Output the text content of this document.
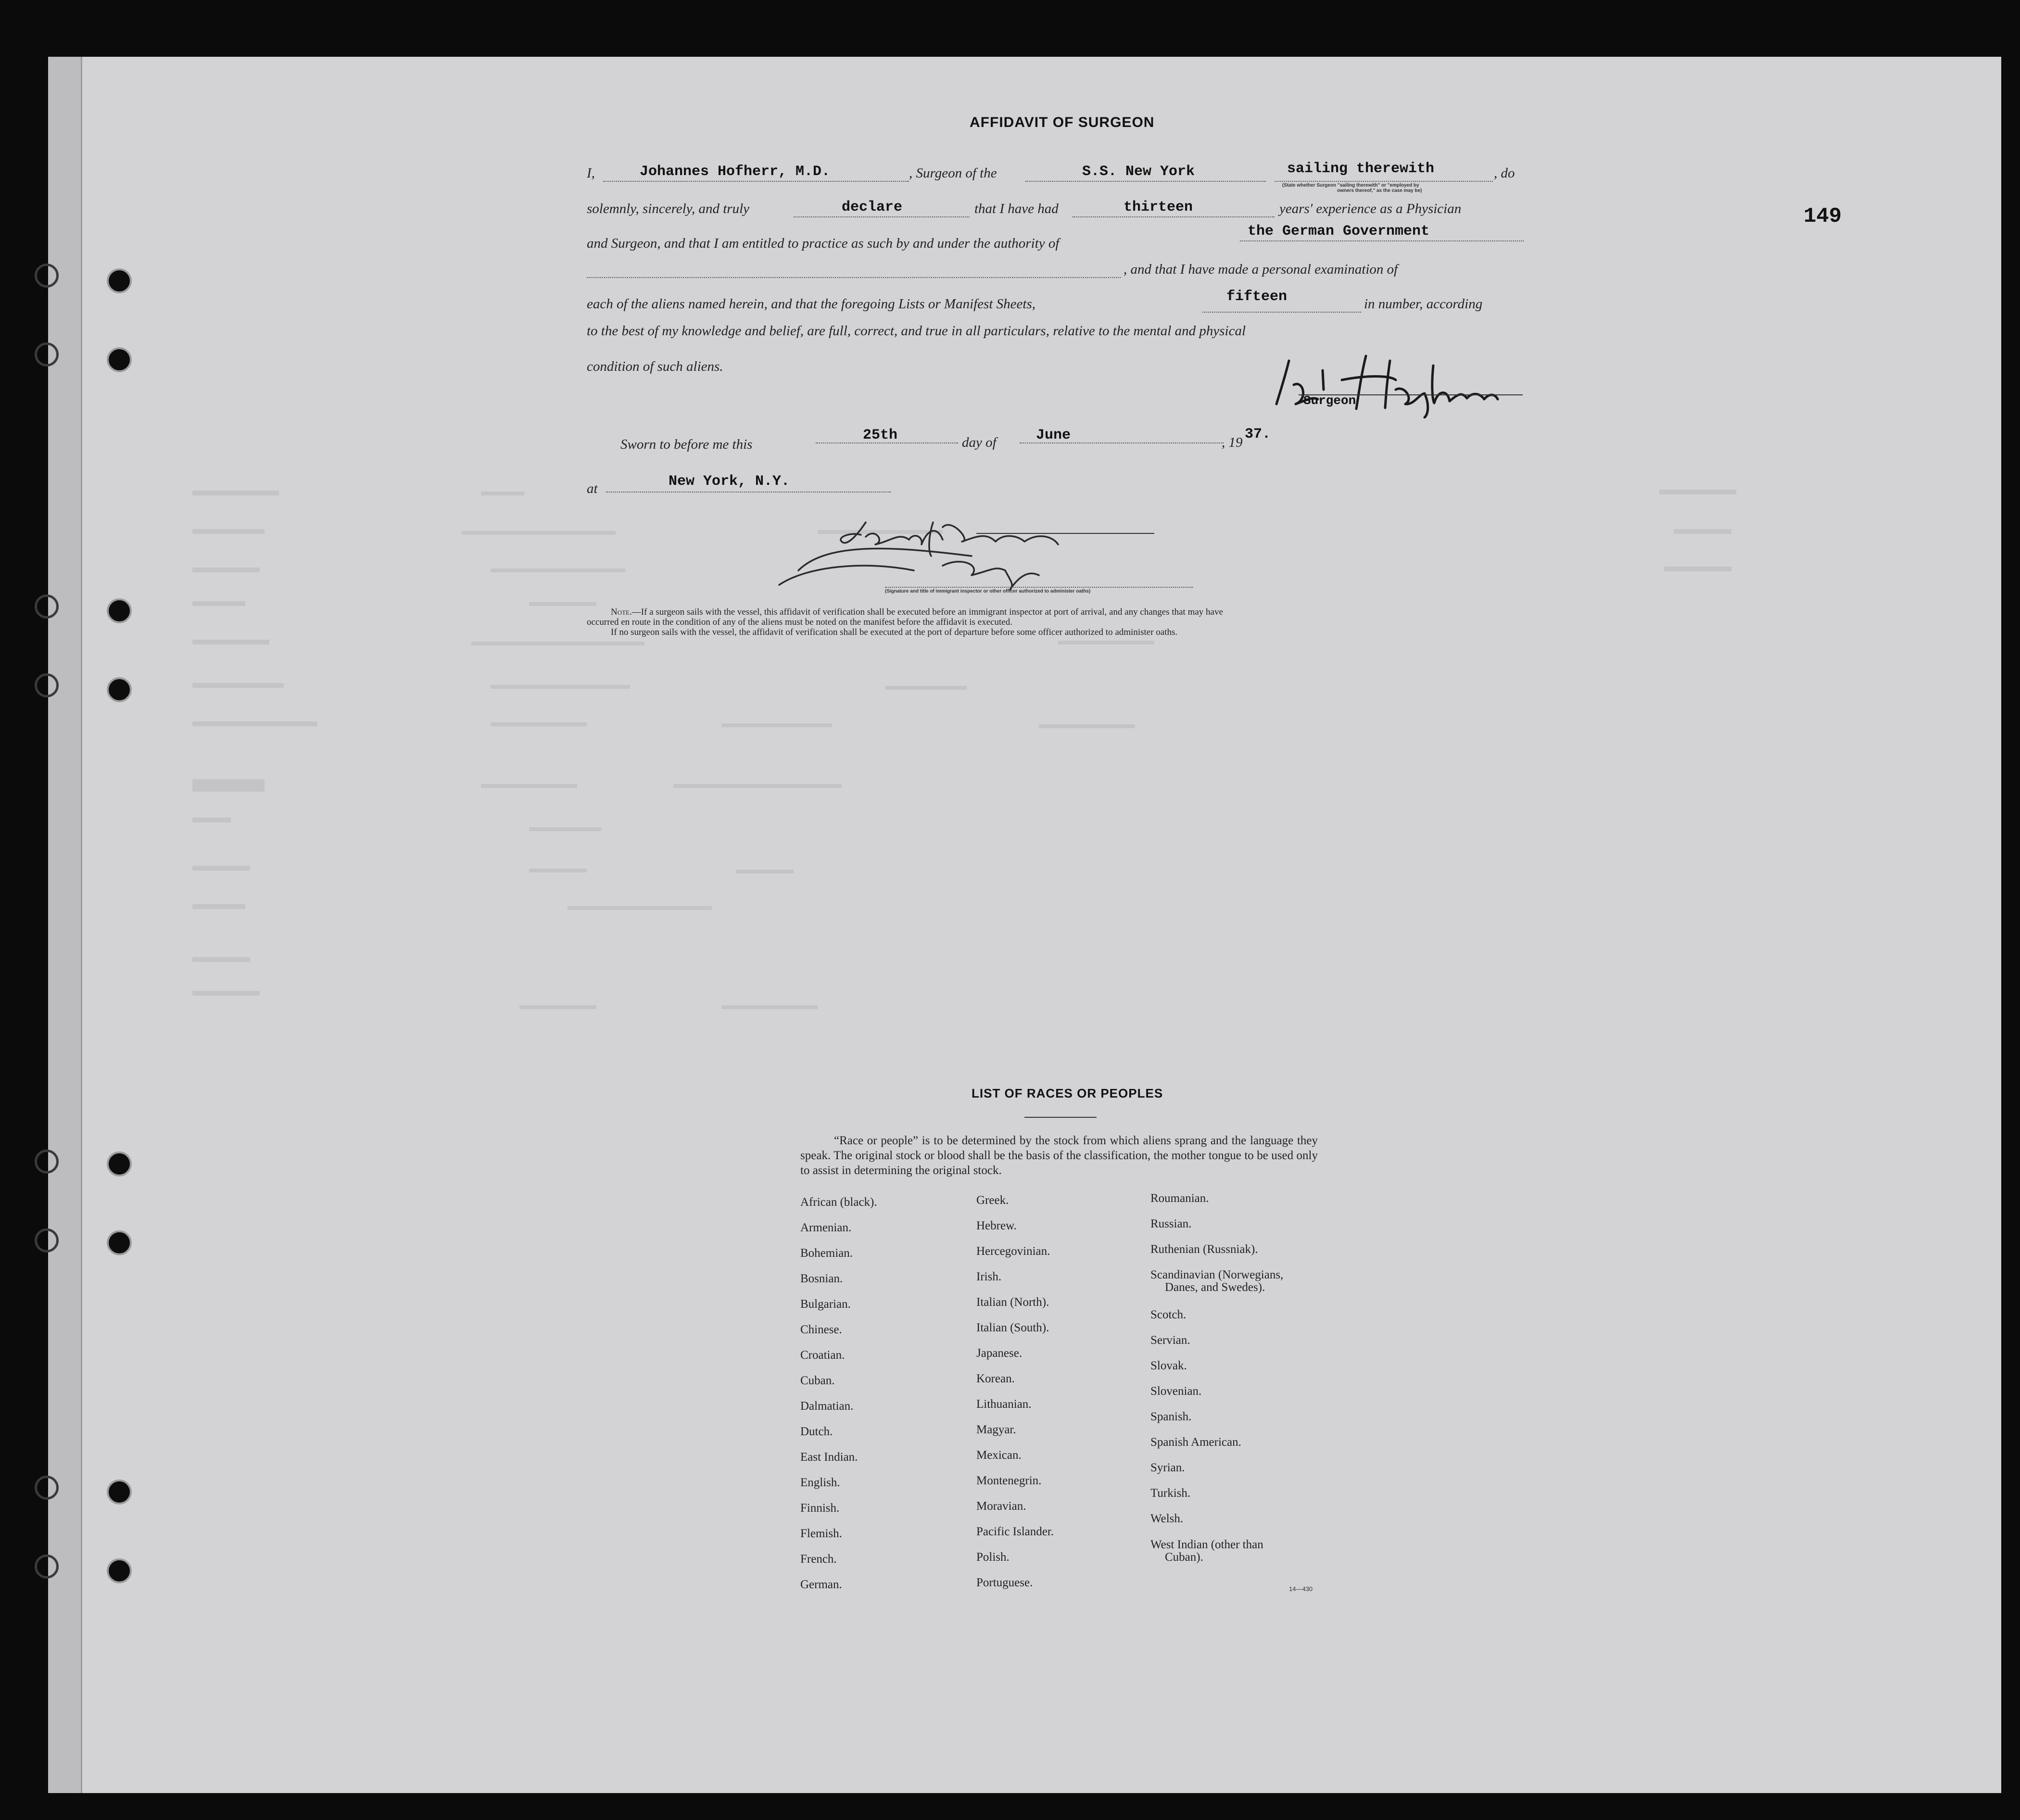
149
AFFIDAVIT OF SURGEON
I,	Johannes Hofherr, M.D.	, Surgeon of the	S.S. New York	sailing therewith	, do
(State whether Surgeon "sailing therewith" or "employed by
owners thereof," as the case may be)
solemnly, sincerely, and truly	declare	that I have had	thirteen	years' experience as a Physician
and Surgeon, and that I am entitled to practice as such by and under the authority of
the German Government
, and that I have made a personal examination of
each of the aliens named herein, and that the foregoing Lists or Manifest Sheets,	fifteen	in number, according
to the best of my knowledge and belief, are full, correct, and true in all particulars, relative to the mental and physical
condition of such aliens.
Surgeon
Sworn to before me this
25th	day of	June	, 19 37.
at	New York, N.Y.
(Signature and title of immigrant inspector or other officer authorized to administer oaths)
Note.—If a surgeon sails with the vessel, this affidavit of verification shall be executed before an immigrant inspector at port of arrival, and any changes that may have
occurred en route in the condition of any of the aliens must be noted on the manifest before the affidavit is executed.
If no surgeon sails with the vessel, the affidavit of verification shall be executed at the port of departure before some officer authorized to administer oaths.
LIST OF RACES OR PEOPLES
“Race or people” is to be determined by the stock from which aliens sprang and the language they speak. The original stock or blood shall be the basis of the classification, the mother tongue to be used only to assist in determining the original stock.
African (black).
Armenian.
Bohemian.
Bosnian.
Bulgarian.
Chinese.
Croatian.
Cuban.
Dalmatian.
Dutch.
East Indian.
English.
Finnish.
Flemish.
French.
German.
Greek.
Hebrew.
Hercegovinian.
Irish.
Italian (North).
Italian (South).
Japanese.
Korean.
Lithuanian.
Magyar.
Mexican.
Montenegrin.
Moravian.
Pacific Islander.
Polish.
Portuguese.
Roumanian.
Russian.
Ruthenian (Russniak).
Scandinavian (Norwegians,
Danes, and Swedes).
Scotch.
Servian.
Slovak.
Slovenian.
Spanish.
Spanish American.
Syrian.
Turkish.
Welsh.
West Indian (other than
Cuban).
14—430
